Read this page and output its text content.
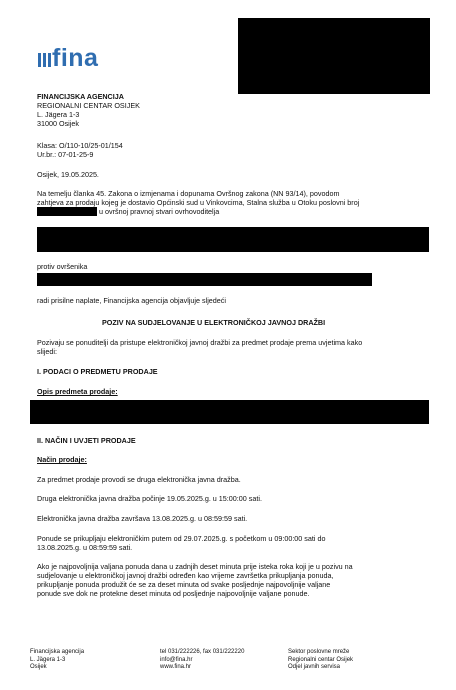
fina
FINANCIJSKA AGENCIJA
REGIONALNI CENTAR OSIJEK
L. Jägera 1-3
31000 Osijek
Klasa: O/110-10/25-01/154
Ur.br.: 07-01-25-9
Osijek, 19.05.2025.
Na temelju članka 45. Zakona o izmjenama i dopunama Ovršnog zakona (NN 93/14), povodom
zahtjeva za prodaju kojeg je dostavio Općinski sud u Vinkovcima, Stalna služba u Otoku poslovni broj
u ovršnoj pravnoj stvari ovrhovoditelja
protiv ovršenika
radi prisilne naplate, Financijska agencija objavljuje sljedeći
POZIV NA SUDJELOVANJE U ELEKTRONIČKOJ JAVNOJ DRAŽBI
Pozivaju se ponuditelji da pristupe elektroničkoj javnoj dražbi za predmet prodaje prema uvjetima kako
slijedi:
I. PODACI O PREDMETU PRODAJE
Opis predmeta prodaje:
II. NAČIN I UVJETI PRODAJE
Način prodaje:
Za predmet prodaje provodi se druga elektronička javna dražba.
Druga elektronička javna dražba počinje 19.05.2025.g. u 15:00:00 sati.
Elektronička javna dražba završava 13.08.2025.g. u 08:59:59 sati.
Ponude se prikupljaju elektroničkim putem od 29.07.2025.g. s početkom u 09:00:00 sati do
13.08.2025.g. u 08:59:59 sati.
Ako je najpovoljnija valjana ponuda dana u zadnjih deset minuta prije isteka roka koji je u pozivu na
sudjelovanje u elektroničkoj javnoj dražbi određen kao vrijeme završetka prikupljanja ponuda,
prikupljanje ponuda produžit će se za deset minuta od svake posljednje najpovoljnije valjane
ponude sve dok ne protekne deset minuta od posljednje najpovoljnije valjane ponude.
Financijska agencija
L. Jägera 1-3
Osijek
tel 031/222226, fax 031/222220
info@fina.hr
www.fina.hr
Sektor poslovne mreže
Regionalni centar Osijek
Odjel javnih servisa
